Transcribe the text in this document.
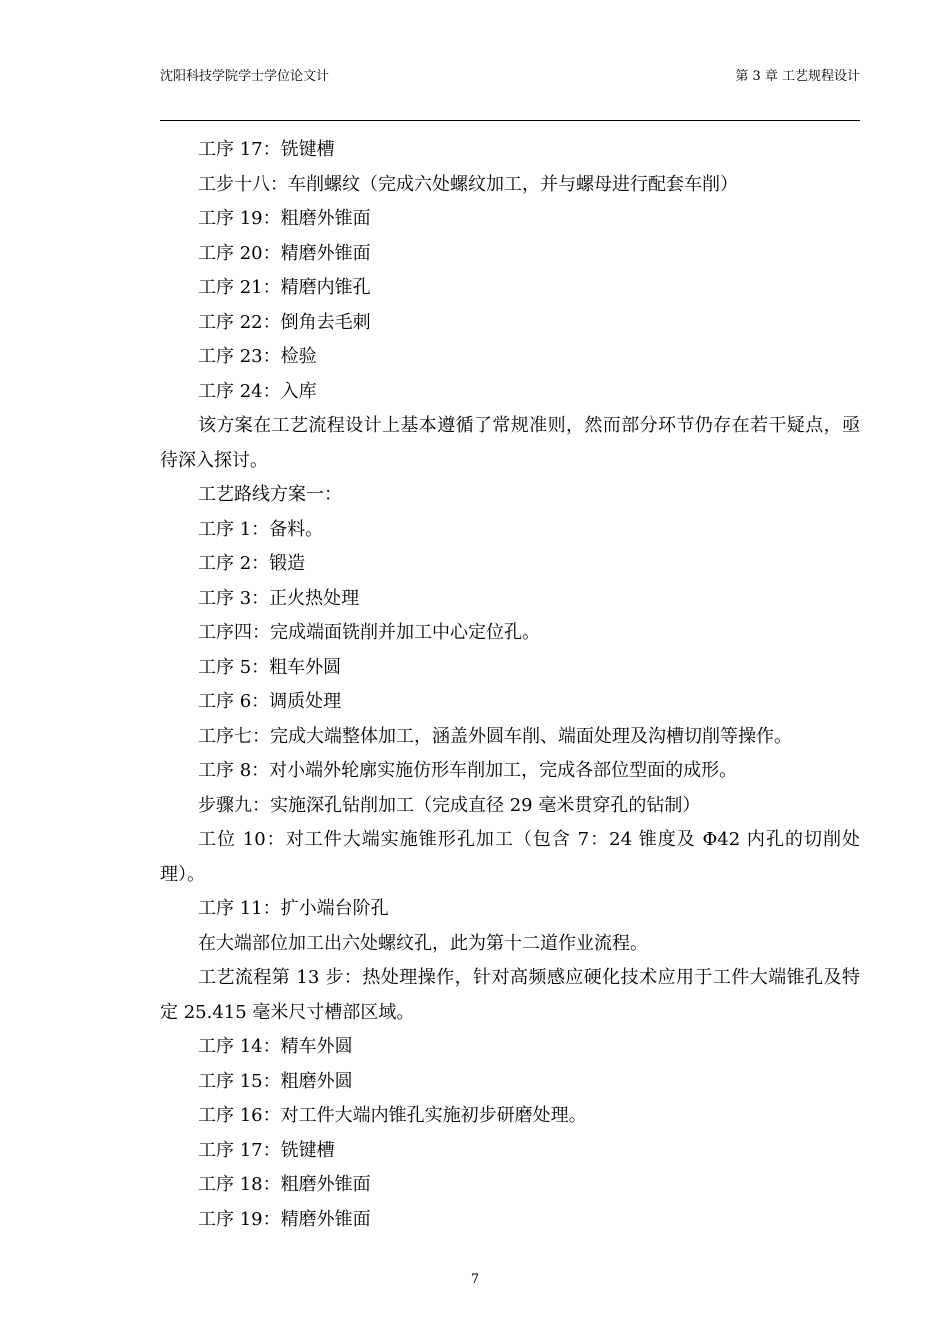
沈阳科技学院学士学位论文计	第 3 章 工艺规程设计

工序 17：铣键槽

工步十八：车削螺纹（完成六处螺纹加工，并与螺母进行配套车削）

工序 19：粗磨外锥面

工序 20：精磨外锥面

工序 21：精磨内锥孔

工序 22：倒角去毛刺

工序 23：检验

工序 24：入库

该方案在工艺流程设计上基本遵循了常规准则，然而部分环节仍存在若干疑点，亟待深入探讨。

工艺路线方案一：

工序 1：备料。

工序 2：锻造

工序 3：正火热处理

工序四：完成端面铣削并加工中心定位孔。

工序 5：粗车外圆

工序 6：调质处理

工序七：完成大端整体加工，涵盖外圆车削、端面处理及沟槽切削等操作。

工序 8：对小端外轮廓实施仿形车削加工，完成各部位型面的成形。

步骤九：实施深孔钻削加工（完成直径 29 毫米贯穿孔的钻制）

工位 10：对工件大端实施锥形孔加工（包含 7：24 锥度及 Φ42 内孔的切削处理）。

工序 11：扩小端台阶孔

在大端部位加工出六处螺纹孔，此为第十二道作业流程。

工艺流程第 13 步：热处理操作，针对高频感应硬化技术应用于工件大端锥孔及特定 25.415 毫米尺寸槽部区域。

工序 14：精车外圆

工序 15：粗磨外圆

工序 16：对工件大端内锥孔实施初步研磨处理。

工序 17：铣键槽

工序 18：粗磨外锥面

工序 19：精磨外锥面

7
